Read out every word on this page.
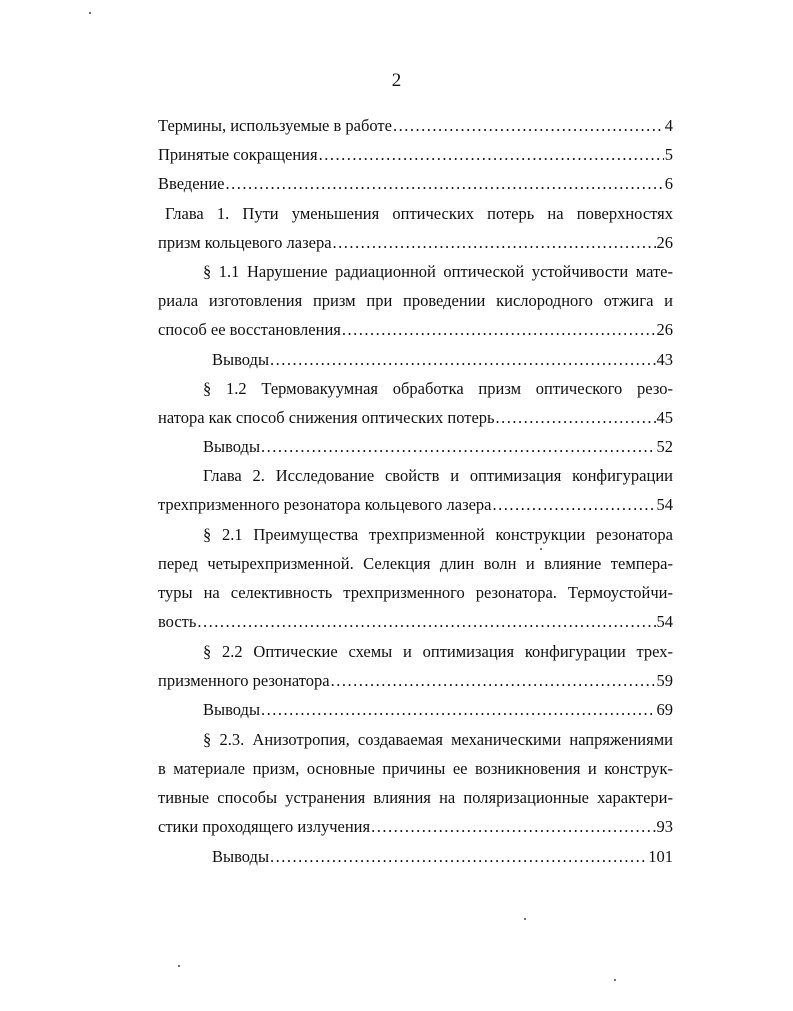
2
Термины, используемые в работе .....	4
Принятые сокращения .....	5
Введение .....	6
Глава 1. Пути уменьшения оптических потерь на поверхностях
призм кольцевого лазера .....	26
§ 1.1 Нарушение радиационной оптической устойчивости мате-
риала изготовления призм при проведении кислородного отжига и
способ ее восстановления .....	26
Выводы .....	43
§ 1.2 Термовакуумная обработка призм оптического резо-
натора как способ снижения оптических потерь .....	45
Выводы .....	52
Глава 2. Исследование свойств и оптимизация конфигурации
трехпризменного резонатора кольцевого лазера .....	54
§ 2.1 Преимущества трехпризменной конструкции резонатора
перед четырехпризменной. Селекция длин волн и влияние темпера-
туры на селективность трехпризменного резонатора. Термоустойчи-
вость .....	54
§ 2.2 Оптические схемы и оптимизация конфигурации трех-
призменного резонатора .....	59
Выводы .....	69
§ 2.3. Анизотропия, создаваемая механическими напряжениями
в материале призм, основные причины ее возникновения и конструк-
тивные способы устранения влияния на поляризационные характери-
стики проходящего излучения .....	93
Выводы .....	101
